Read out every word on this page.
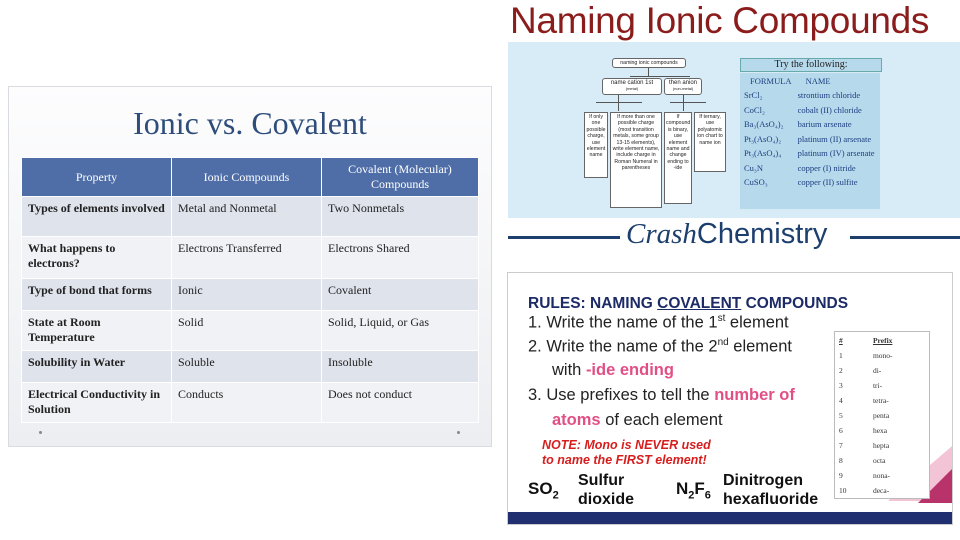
Ionic vs. Covalent
Property	Ionic Compounds	Covalent (Molecular) Compounds
Types of elements involved	Metal and Nonmetal	Two Nonmetals
What happens to electrons?	Electrons Transferred	Electrons Shared
Type of bond that forms	Ionic	Covalent
State at Room Temperature	Solid	Solid, Liquid, or Gas
Solubility in Water	Soluble	Insoluble
Electrical Conductivity in Solution	Conducts	Does not conduct
Naming Ionic Compounds
naming ionic compounds
name cation 1st
(metal)
then anion
(non-metal)
If only one possible charge, use element name
If more than one possible charge (most transition metals, some group 13-15 elements), write element name, include charge in Roman Numeral in parentheses
If compound is binary, use element name and change ending to -ide
If ternary, use polyatomic ion chart to name ion
Try the following:
FORMULA	NAME
SrCl₂	strontium chloride
CoCl₂	cobalt (II) chloride
Ba₃(AsO₄)₂	barium arsenate
Pt₃(AsO₄)₂	platinum (II) arsenate
Pt₃(AsO₄)₄	platinum (IV) arsenate
Cu₃N	copper (I) nitride
CuSO₃	copper (II) sulfite
CrashChemistry
RULES: NAMING COVALENT COMPOUNDS
1. Write the name of the 1st element
2. Write the name of the 2nd element
with -ide ending
3. Use prefixes to tell the number of
atoms of each element
NOTE: Mono is NEVER used
to name the FIRST element!
$SO_2$
Sulfur
dioxide
$N_2F_6$
Dinitrogen
hexafluoride
#	Prefix
1	mono-
2	di-
3	tri-
4	tetra-
5	penta
6	hexa
7	hepta
8	octa
9	nona-
10	deca-
